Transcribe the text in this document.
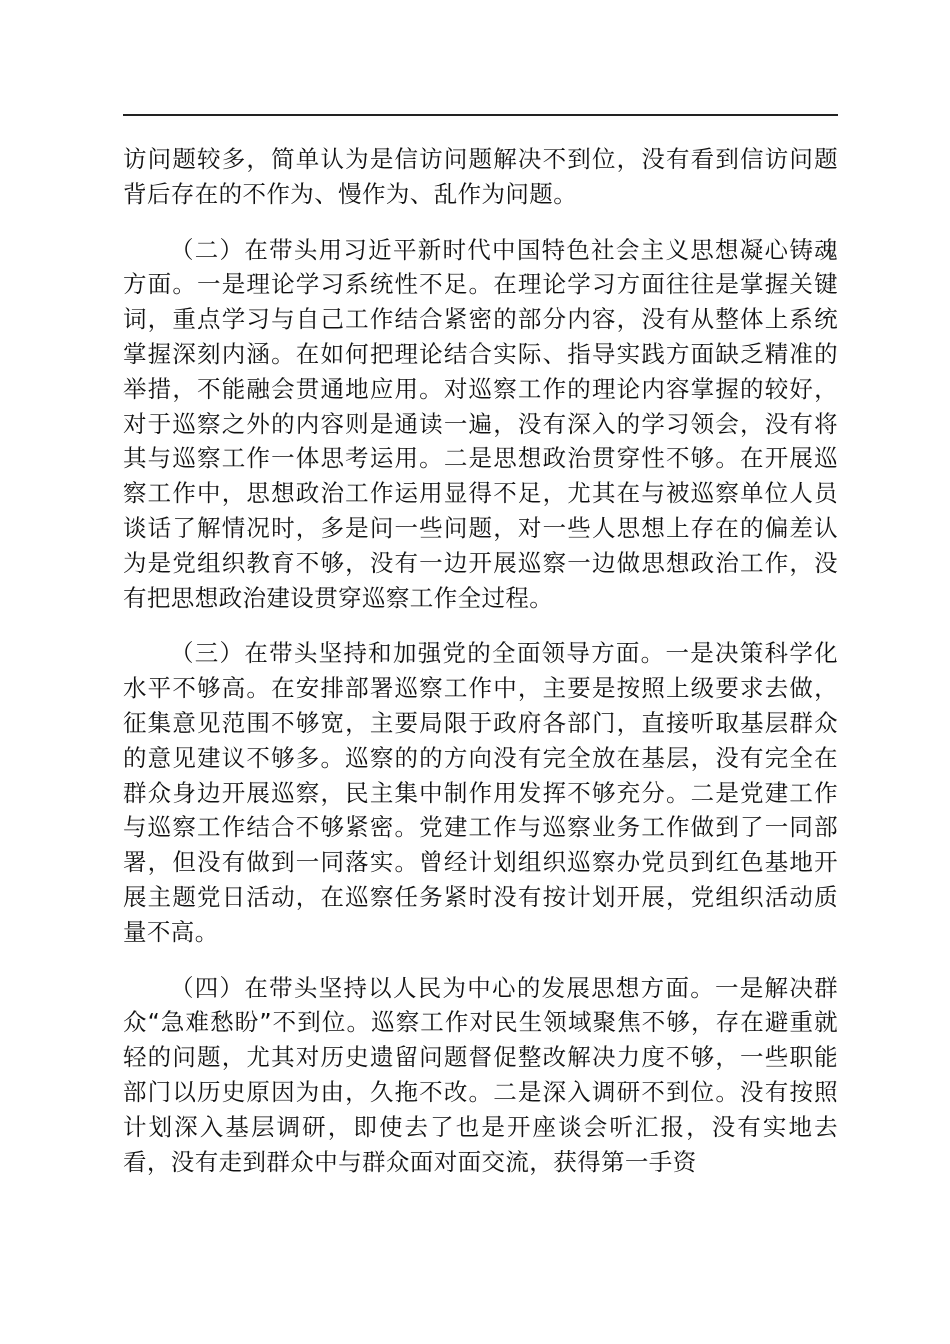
访问题较多，简单认为是信访问题解决不到位，没有看到信访问题背后存在的不作为、慢作为、乱作为问题。

（二）在带头用习近平新时代中国特色社会主义思想凝心铸魂方面。一是理论学习系统性不足。在理论学习方面往往是掌握关键词，重点学习与自己工作结合紧密的部分内容，没有从整体上系统掌握深刻内涵。在如何把理论结合实际、指导实践方面缺乏精准的举措，不能融会贯通地应用。对巡察工作的理论内容掌握的较好，对于巡察之外的内容则是通读一遍，没有深入的学习领会，没有将其与巡察工作一体思考运用。二是思想政治贯穿性不够。在开展巡察工作中，思想政治工作运用显得不足，尤其在与被巡察单位人员谈话了解情况时，多是问一些问题，对一些人思想上存在的偏差认为是党组织教育不够，没有一边开展巡察一边做思想政治工作，没有把思想政治建设贯穿巡察工作全过程。

（三）在带头坚持和加强党的全面领导方面。一是决策科学化水平不够高。在安排部署巡察工作中，主要是按照上级要求去做，征集意见范围不够宽，主要局限于政府各部门，直接听取基层群众的意见建议不够多。巡察的的方向没有完全放在基层，没有完全在群众身边开展巡察，民主集中制作用发挥不够充分。二是党建工作与巡察工作结合不够紧密。党建工作与巡察业务工作做到了一同部署，但没有做到一同落实。曾经计划组织巡察办党员到红色基地开展主题党日活动，在巡察任务紧时没有按计划开展，党组织活动质量不高。

（四）在带头坚持以人民为中心的发展思想方面。一是解决群众“急难愁盼”不到位。巡察工作对民生领域聚焦不够，存在避重就轻的问题，尤其对历史遗留问题督促整改解决力度不够，一些职能部门以历史原因为由，久拖不改。二是深入调研不到位。没有按照计划深入基层调研，即使去了也是开座谈会听汇报，没有实地去看，没有走到群众中与群众面对面交流，获得第一手资
